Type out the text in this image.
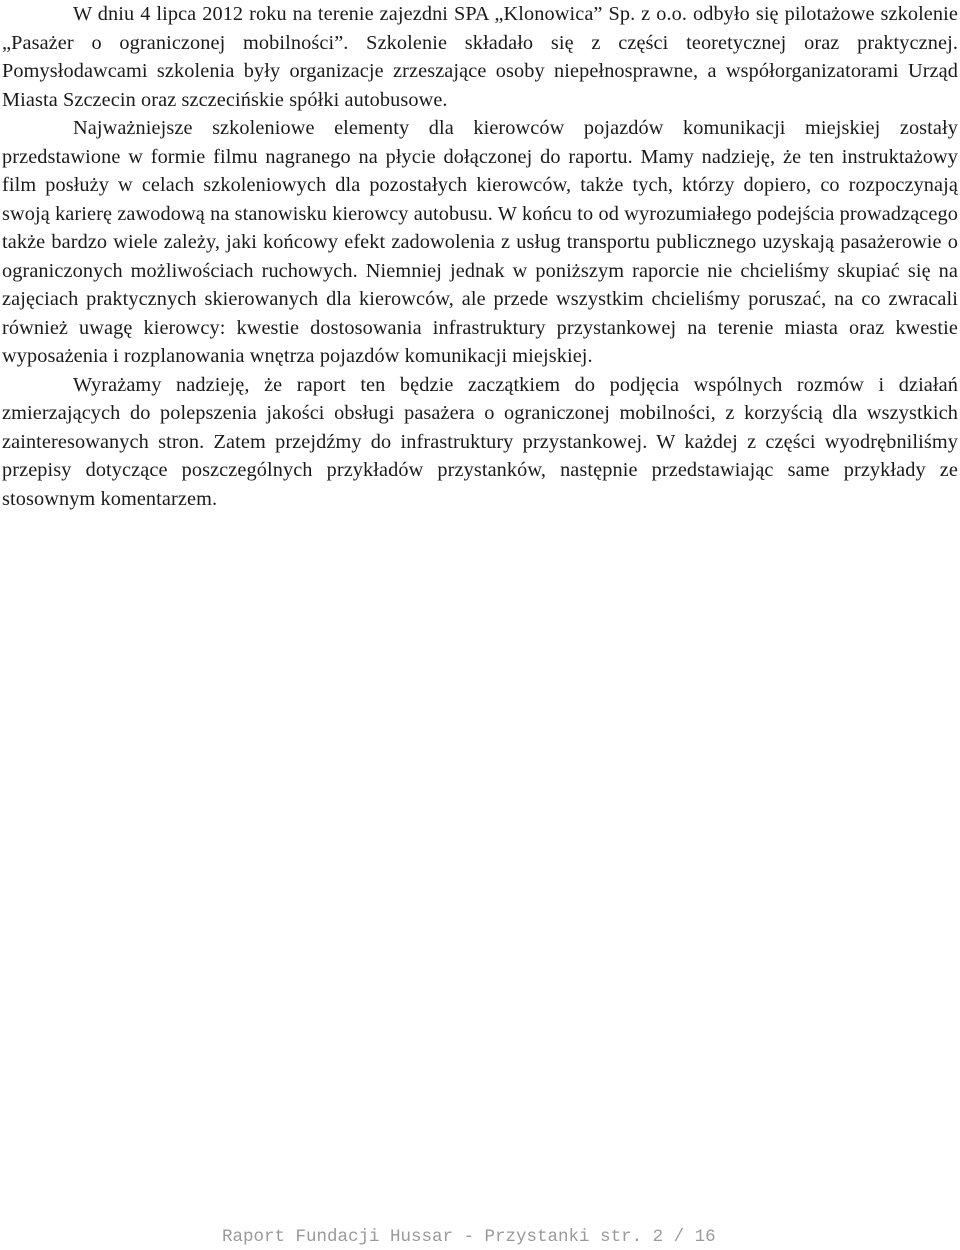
W dniu 4 lipca 2012 roku na terenie zajezdni SPA „Klonowica” Sp. z o.o. odbyło się pilotażowe szkolenie „Pasażer o ograniczonej mobilności”. Szkolenie składało się z części teoretycznej oraz praktycznej. Pomysłodawcami szkolenia były organizacje zrzeszające osoby niepełnosprawne, a współorganizatorami Urząd Miasta Szczecin oraz szczecińskie spółki autobusowe.

Najważniejsze szkoleniowe elementy dla kierowców pojazdów komunikacji miejskiej zostały przedstawione w formie filmu nagranego na płycie dołączonej do raportu. Mamy nadzieję, że ten instruktażowy film posłuży w celach szkoleniowych dla pozostałych kierowców, także tych, którzy dopiero, co rozpoczynają swoją karierę zawodową na stanowisku kierowcy autobusu. W końcu to od wyrozumiałego podejścia prowadzącego także bardzo wiele zależy, jaki końcowy efekt zadowolenia z usług transportu publicznego uzyskają pasażerowie o ograniczonych możliwościach ruchowych. Niemniej jednak w poniższym raporcie nie chcieliśmy skupiać się na zajęciach praktycznych skierowanych dla kierowców, ale przede wszystkim chcieliśmy poruszać, na co zwracali również uwagę kierowcy: kwestie dostosowania infrastruktury przystankowej na terenie miasta oraz kwestie wyposażenia i rozplanowania wnętrza pojazdów komunikacji miejskiej.

Wyrażamy nadzieję, że raport ten będzie zaczątkiem do podjęcia wspólnych rozmów i działań zmierzających do polepszenia jakości obsługi pasażera o ograniczonej mobilności, z korzyścią dla wszystkich zainteresowanych stron. Zatem przejdźmy do infrastruktury przystankowej. W każdej z części wyodrębniliśmy przepisy dotyczące poszczególnych przykładów przystanków, następnie przedstawiając same przykłady ze stosownym komentarzem.

Raport Fundacji Hussar - Przystanki str. 2 / 16
